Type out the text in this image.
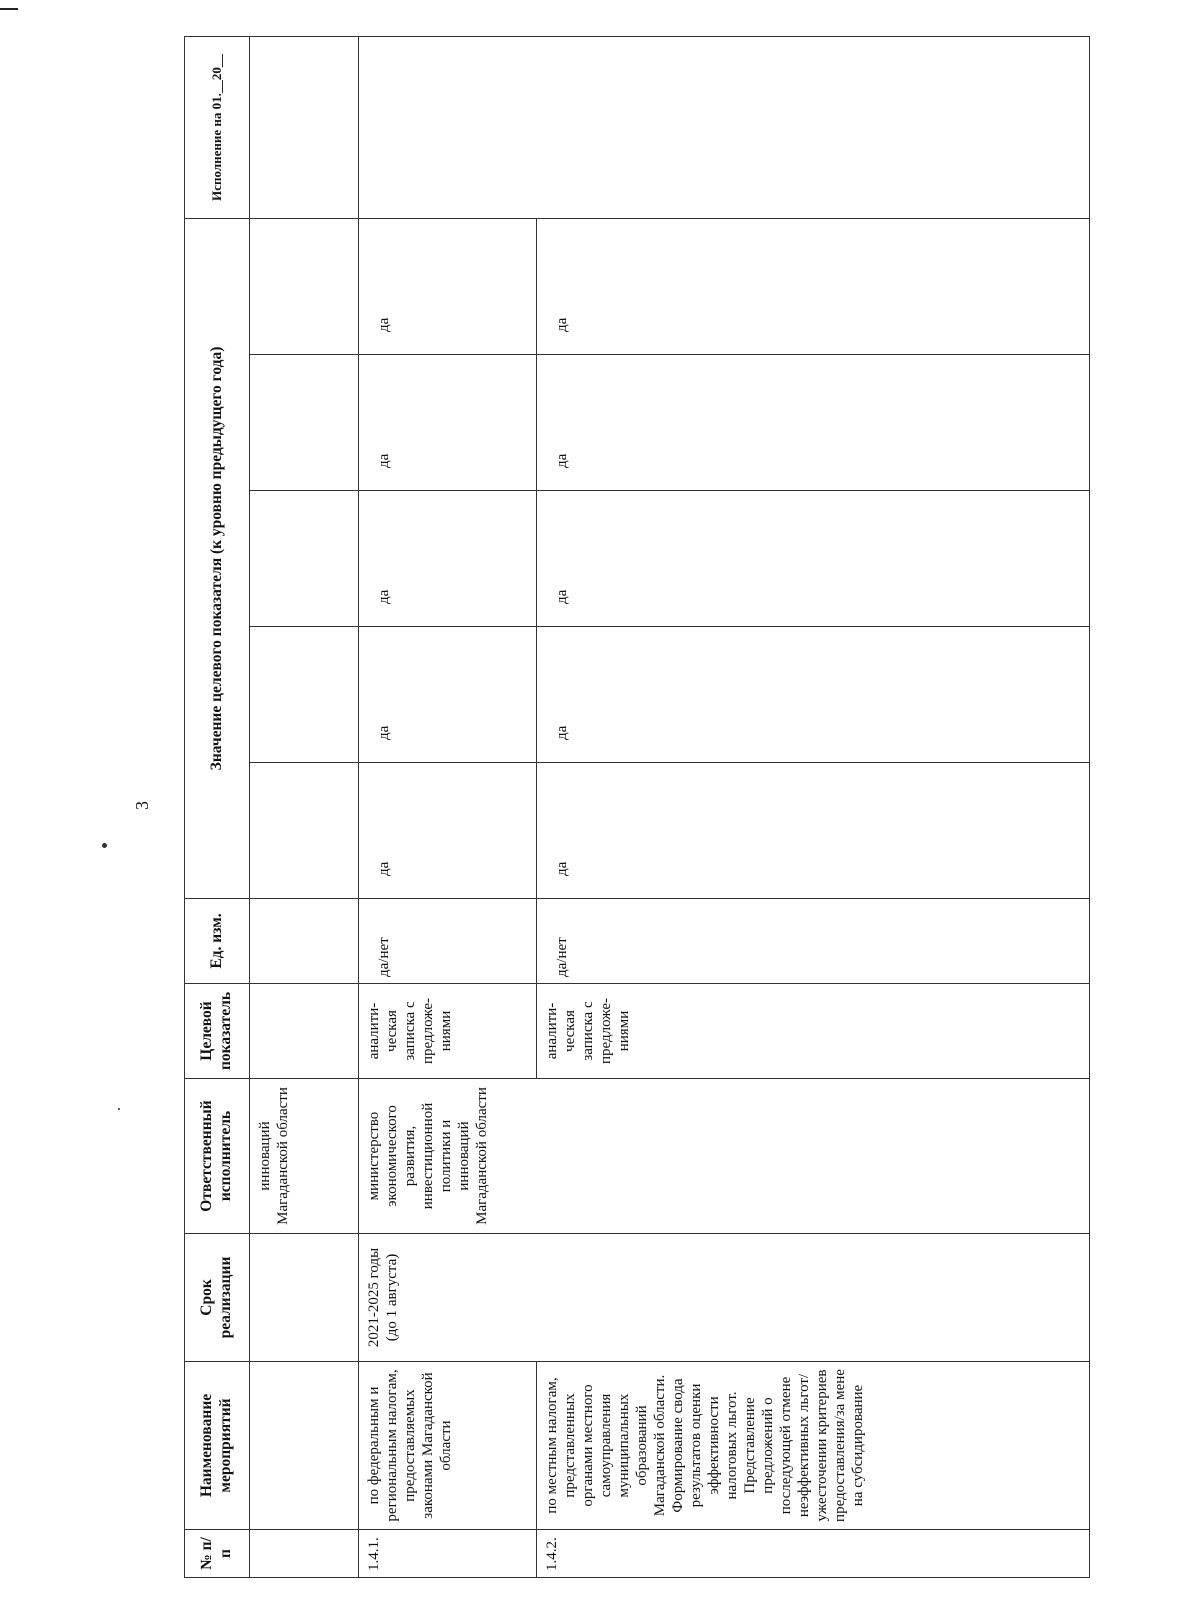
3
№ п/п	Наименование мероприятий	Срок реализации	Ответственный исполнитель	Целевой показатель	Ед. изм.	Значение целевого показателя (к уровню предыдущего года)					Исполнение на 01.__20__
			инноваций Магаданской области								
1.4.1.	по федеральным и региональным налогам, предоставляемых законами Магаданской области	2021-2025 годы (до 1 августа)	министерство экономического развития, инвестиционной политики и инноваций Магаданской области	аналити-ческая записка с предложе-ниями	да/нет	да	да	да	да	да	
1.4.2.	по местным налогам, представленных органами местного самоуправления муниципальных образований Магаданской области. Формирование свода результатов оценки эффективности налоговых льгот. Представление предложений о последующей отмене неэффективных льгот/ужесточении критериев предоставления/за мене на субсидирование			аналити-ческая записка с предложе-ниями	да/нет	да	да	да	да	да	
